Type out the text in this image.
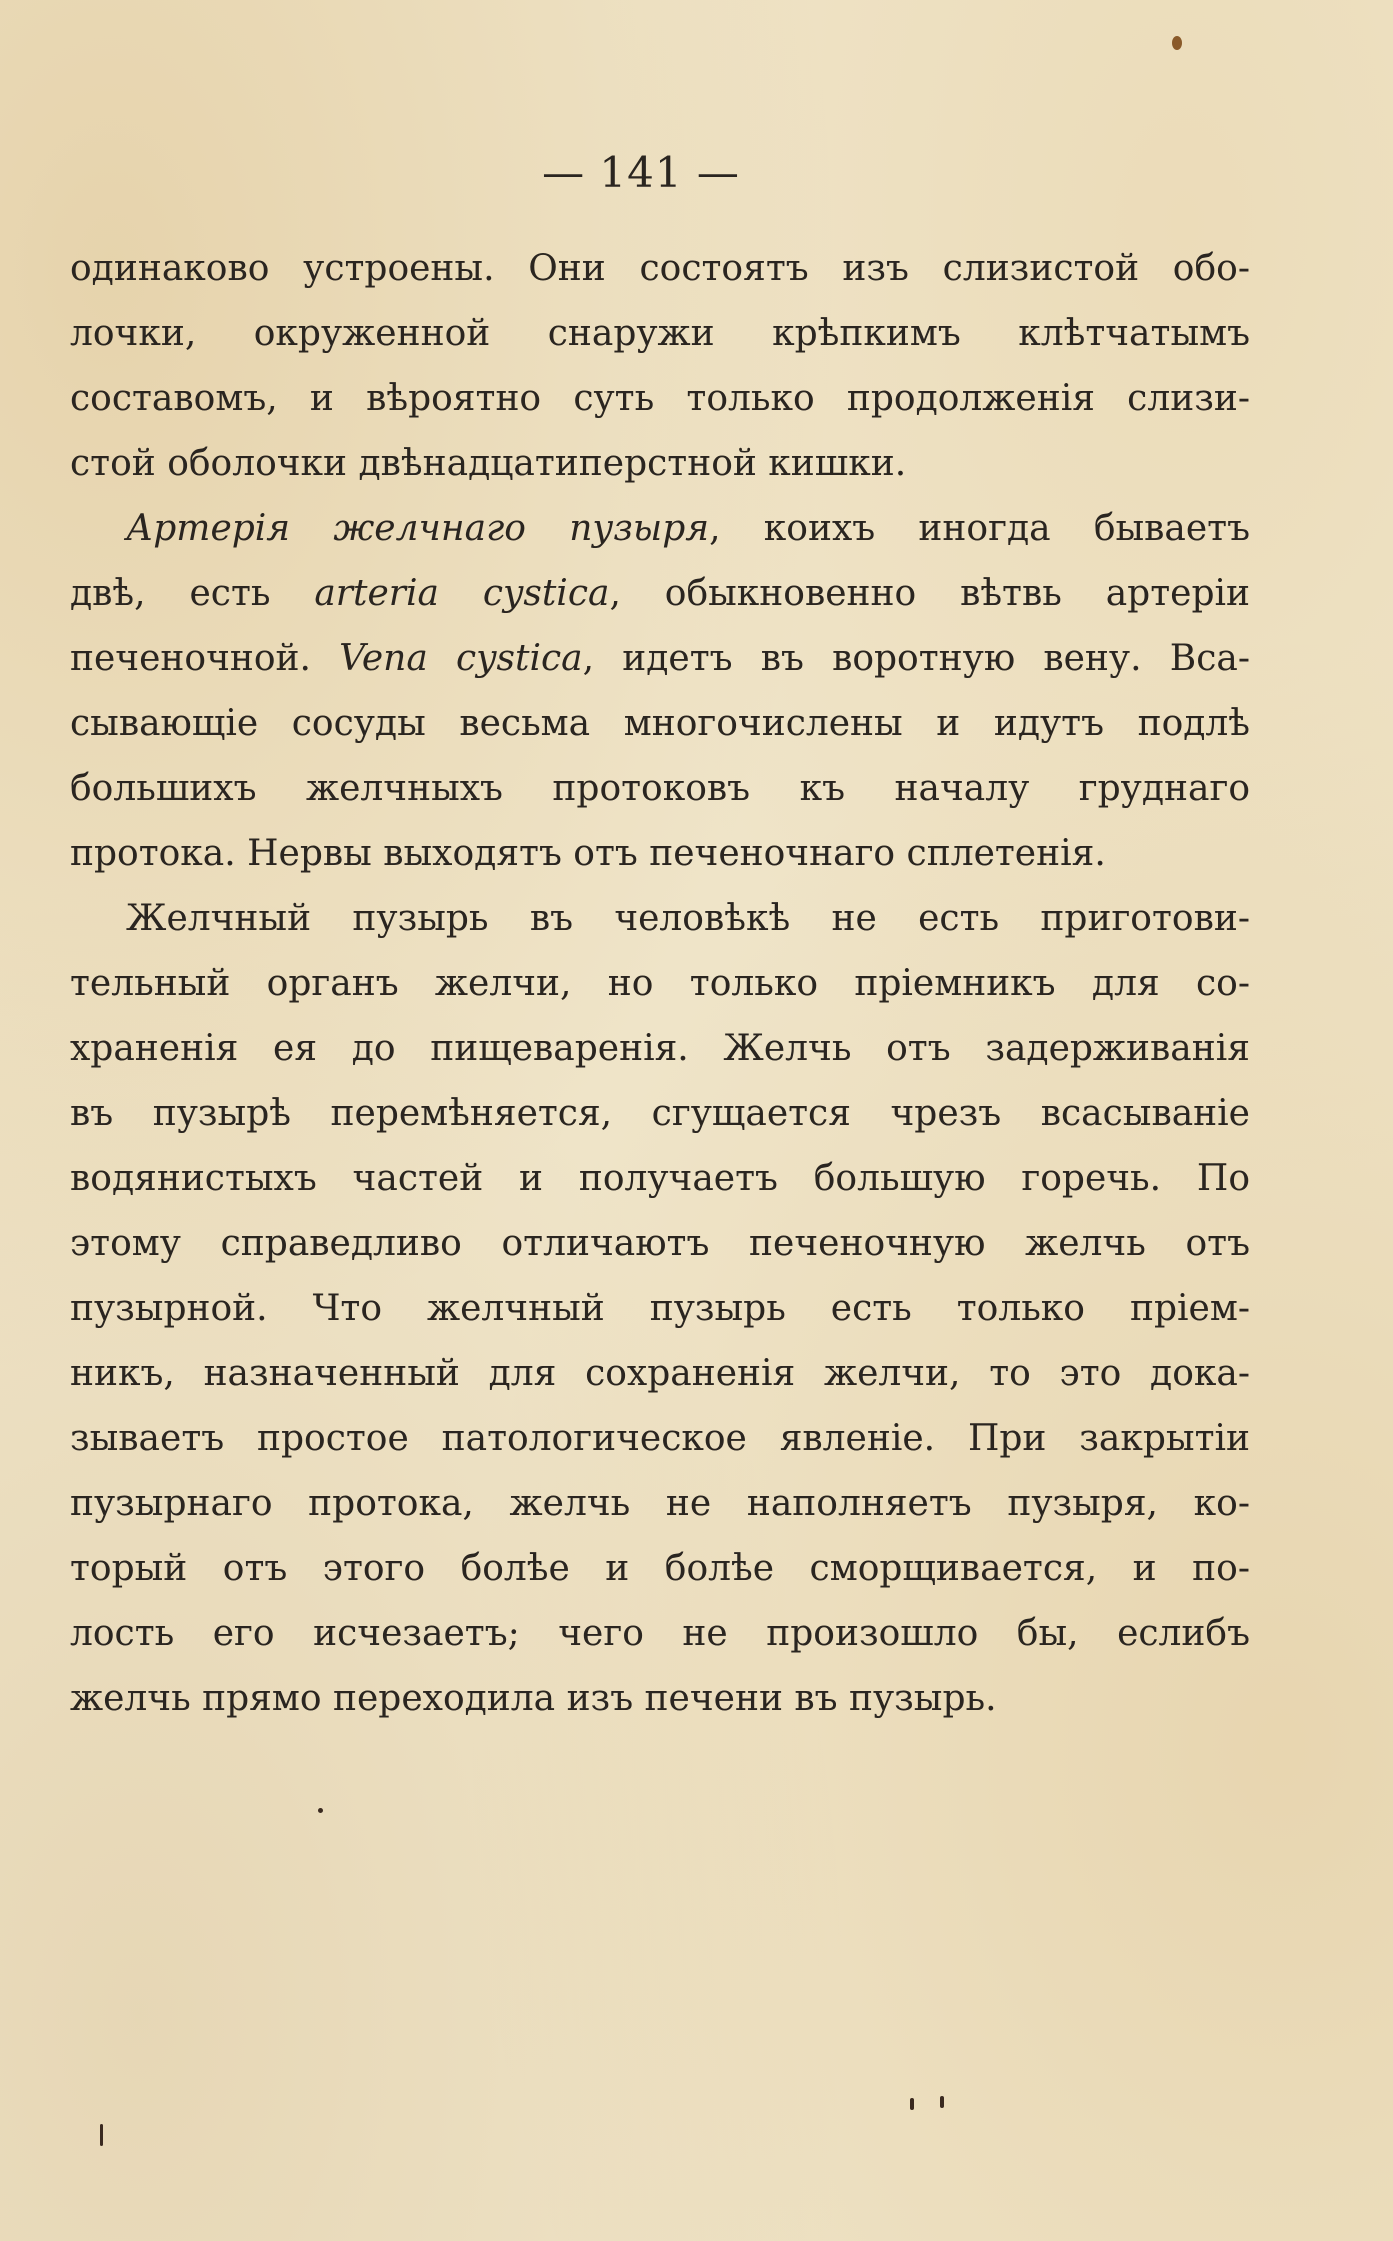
— 141 —
одинаково устроены. Они состоятъ изъ слизистой обо-
лочки, окруженной снаружи крѣпкимъ клѣтчатымъ
составомъ, и вѣроятно суть только продолженія слизи-
стой оболочки двѣнадцатиперстной кишки.
Артерія желчнаго пузыря, коихъ иногда бываетъ
двѣ, есть arteria cystica, обыкновенно вѣтвь артеріи
печеночной. Vena cystica, идетъ въ воротную вену. Вса-
сывающіе сосуды весьма многочислены и идутъ подлѣ
большихъ желчныхъ протоковъ къ началу груднаго
протока. Нервы выходятъ отъ печеночнаго сплетенія.
Желчный пузырь въ человѣкѣ не есть приготови-
тельный органъ желчи, но только пріемникъ для со-
храненія ея до пищеваренія. Желчь отъ задерживанія
въ пузырѣ перемѣняется, сгущается чрезъ всасываніе
водянистыхъ частей и получаетъ большую горечь. По
этому справедливо отличаютъ печеночную желчь отъ
пузырной. Что желчный пузырь есть только пріем-
никъ, назначенный для сохраненія желчи, то это дока-
зываетъ простое патологическое явленіе. При закрытіи
пузырнаго протока, желчь не наполняетъ пузыря, ко-
торый отъ этого болѣе и болѣе сморщивается, и по-
лость его исчезаетъ; чего не произошло бы, еслибъ
желчь прямо переходила изъ печени въ пузырь.
